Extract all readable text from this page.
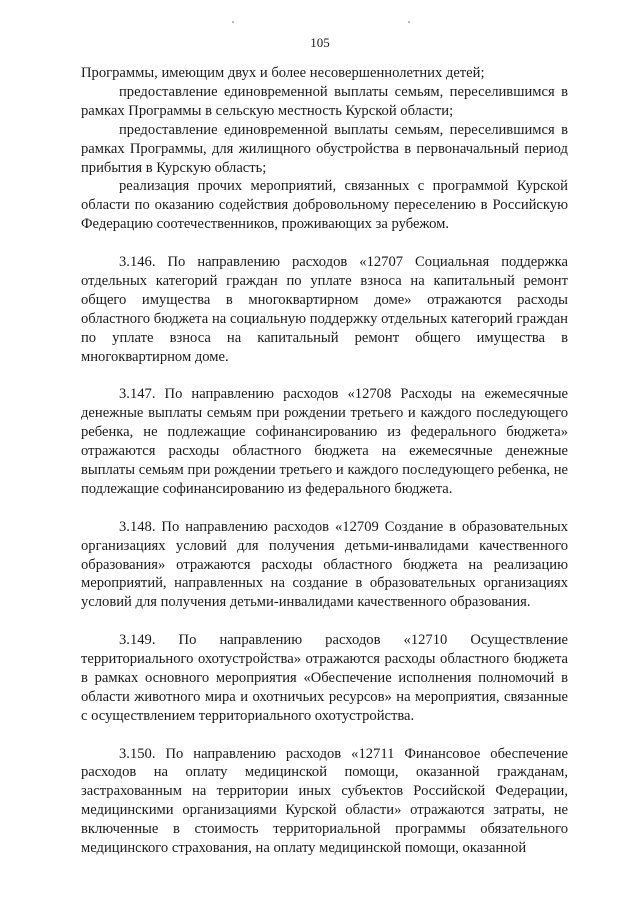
105

Программы, имеющим двух и более несовершеннолетних детей;

предоставление единовременной выплаты семьям, переселившимся в рамках Программы в сельскую местность Курской области;

предоставление единовременной выплаты семьям, переселившимся в рамках Программы, для жилищного обустройства в первоначальный период прибытия в Курскую область;

реализация прочих мероприятий, связанных с программой Курской области по оказанию содействия добровольному переселению в Российскую Федерацию соотечественников, проживающих за рубежом.

3.146. По направлению расходов «12707 Социальная поддержка отдельных категорий граждан по уплате взноса на капитальный ремонт общего имущества в многоквартирном доме» отражаются расходы областного бюджета на социальную поддержку отдельных категорий граждан по уплате взноса на капитальный ремонт общего имущества в многоквартирном доме.

3.147. По направлению расходов «12708 Расходы на ежемесячные денежные выплаты семьям при рождении третьего и каждого последующего ребенка, не подлежащие софинансированию из федерального бюджета» отражаются расходы областного бюджета на ежемесячные денежные выплаты семьям при рождении третьего и каждого последующего ребенка, не подлежащие софинансированию из федерального бюджета.

3.148. По направлению расходов «12709 Создание в образовательных организациях условий для получения детьми-инвалидами качественного образования» отражаются расходы областного бюджета на реализацию мероприятий, направленных на создание в образовательных организациях условий для получения детьми-инвалидами качественного образования.

3.149. По направлению расходов «12710 Осуществление территориального охотустройства» отражаются расходы областного бюджета в рамках основного мероприятия «Обеспечение исполнения полномочий в области животного мира и охотничьих ресурсов» на мероприятия, связанные с осуществлением территориального охотустройства.

3.150. По направлению расходов «12711 Финансовое обеспечение расходов на оплату медицинской помощи, оказанной гражданам, застрахованным на территории иных субъектов Российской Федерации, медицинскими организациями Курской области» отражаются затраты, не включенные в стоимость территориальной программы обязательного медицинского страхования, на оплату медицинской помощи, оказанной
